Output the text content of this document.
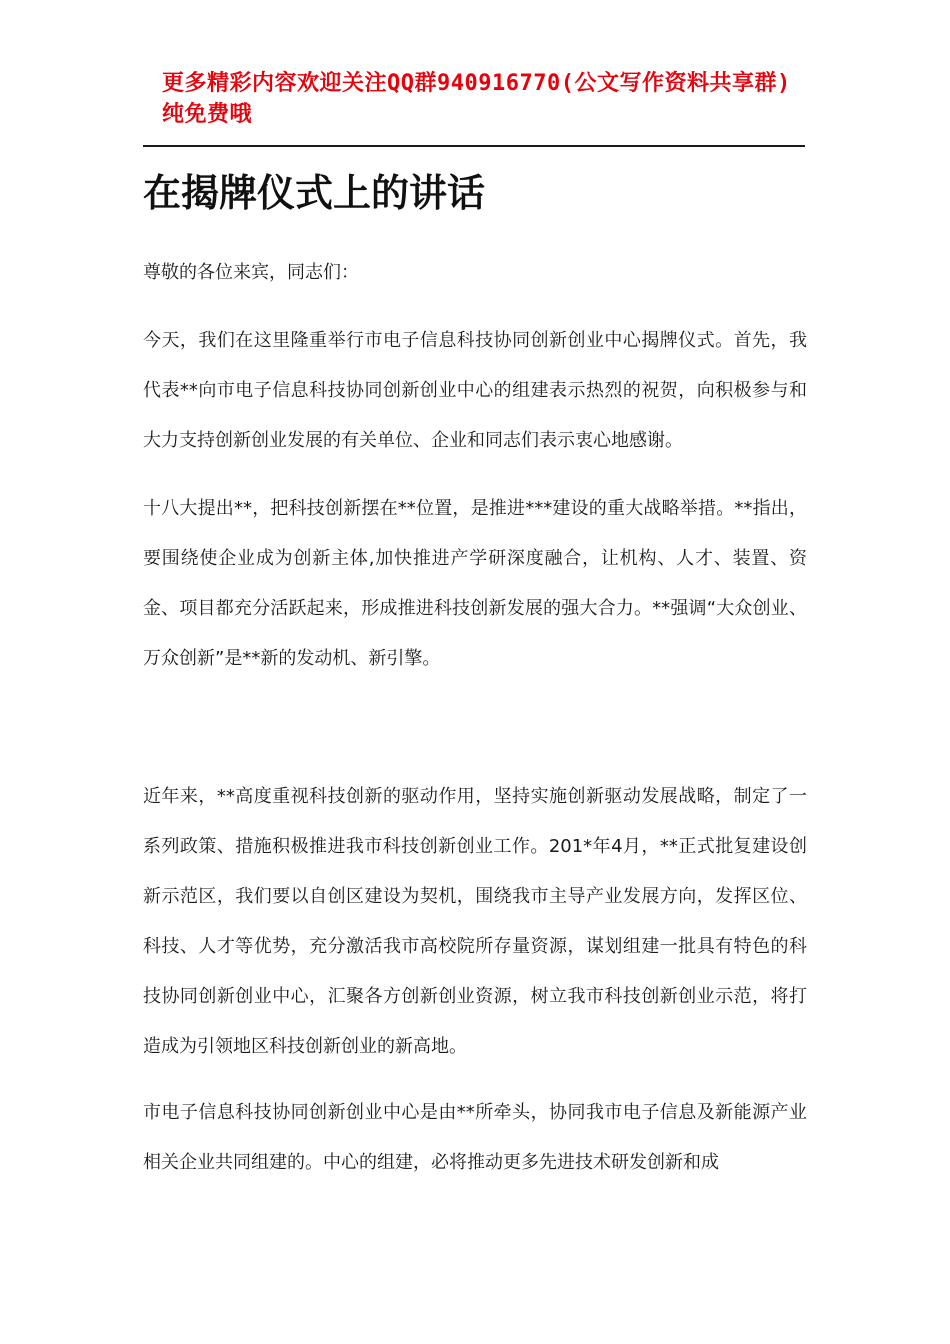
更多精彩内容欢迎关注QQ群940916770(公文写作资料共享群)纯免费哦

在揭牌仪式上的讲话

尊敬的各位来宾，同志们：

今天，我们在这里隆重举行市电子信息科技协同创新创业中心揭牌仪式。首先，我代表**向市电子信息科技协同创新创业中心的组建表示热烈的祝贺，向积极参与和大力支持创新创业发展的有关单位、企业和同志们表示衷心地感谢。

十八大提出**，把科技创新摆在**位置，是推进***建设的重大战略举措。**指出，要围绕使企业成为创新主体,加快推进产学研深度融合，让机构、人才、装置、资金、项目都充分活跃起来，形成推进科技创新发展的强大合力。**强调“大众创业、万众创新”是**新的发动机、新引擎。

近年来，**高度重视科技创新的驱动作用，坚持实施创新驱动发展战略，制定了一系列政策、措施积极推进我市科技创新创业工作。201*年4月，**正式批复建设创新示范区，我们要以自创区建设为契机，围绕我市主导产业发展方向，发挥区位、科技、人才等优势，充分激活我市高校院所存量资源，谋划组建一批具有特色的科技协同创新创业中心，汇聚各方创新创业资源，树立我市科技创新创业示范，将打造成为引领地区科技创新创业的新高地。

市电子信息科技协同创新创业中心是由**所牵头，协同我市电子信息及新能源产业相关企业共同组建的。中心的组建，必将推动更多先进技术研发创新和成
